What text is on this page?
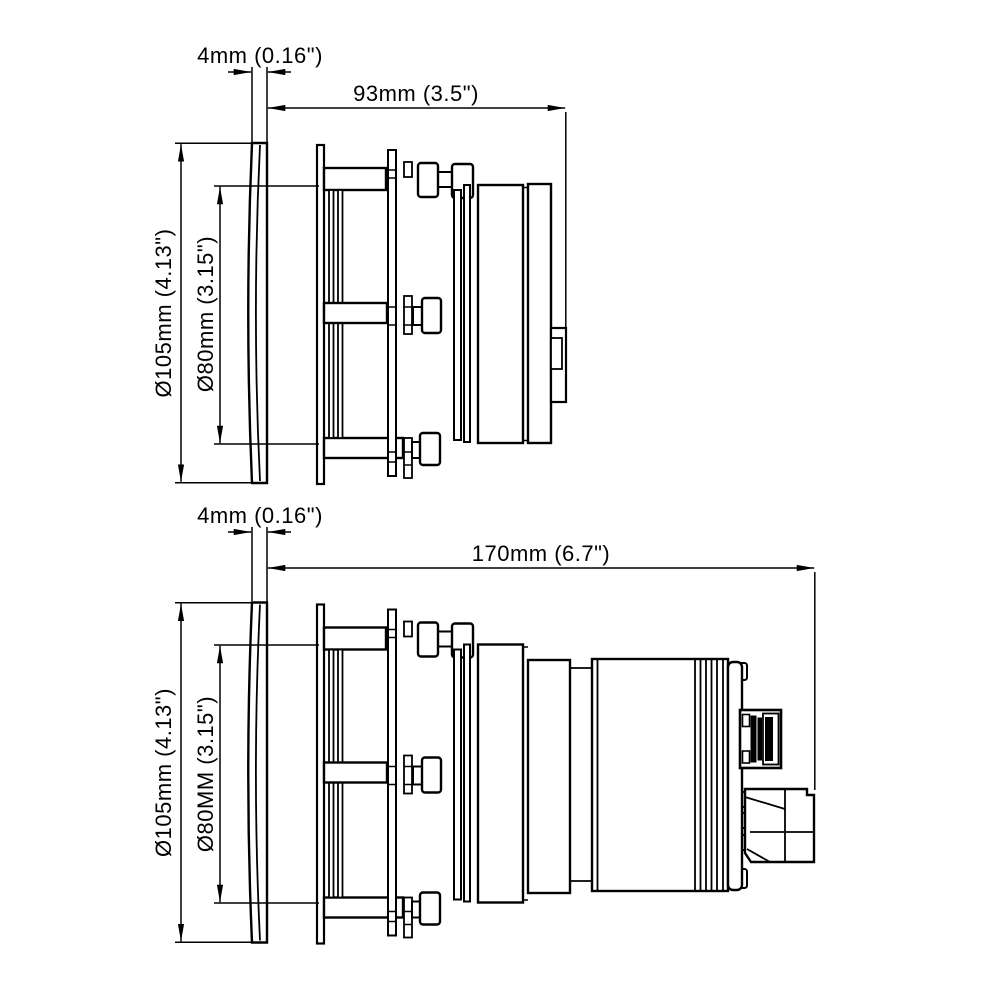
4mm (0.16")
93mm (3.5")
Ø105mm (4.13") Ø80mm (3.15")
4mm (0.16")
170mm (6.7")
Ø105mm (4.13") Ø80MM (3.15")
